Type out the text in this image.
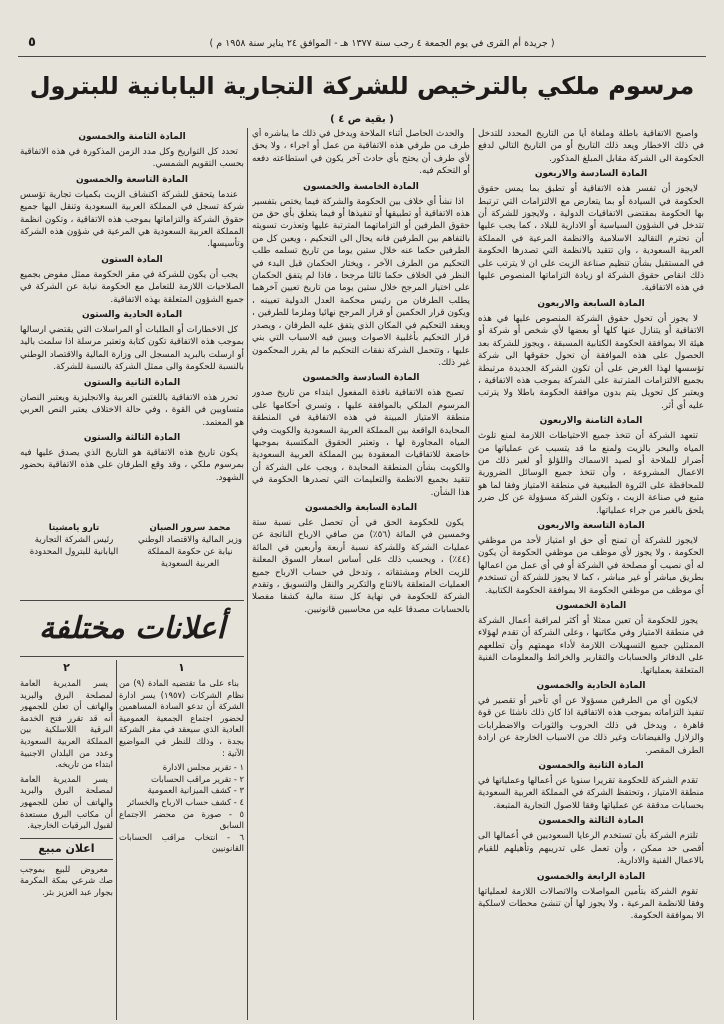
( جريدة أم القرى في يوم الجمعة ٤ رجب سنة ١٣٧٧ هـ - الموافق ٢٤ يناير سنة ١٩٥٨ م )
٥
مرسوم ملكي بالترخيص للشركة التجارية اليابانية للبترول
( بقية ص ٤ )

واصبح الاتفاقية باطلة وملغاة أيا من التاريخ المحدد للتدخل في ذلك الاخطار ويعد ذلك التاريخ أو من التاريخ التالي لدفع الحكومة الى الشركة مقابل المبلغ المذكور.

المادة السادسة والاربعون

لايجوز أن تفسر هذه الاتفاقية أو تطبق بما يمس حقوق الحكومة في السيادة أو بما يتعارض مع الالتزامات التي ترتبط بها الحكومة بمقتضى الاتفاقيات الدولية ، ولايجوز للشركة أن تتدخل في الشؤون السياسية أو الادارية للبلاد ، كما يجب عليها أن تحترم التقاليد الاسلامية والانظمة المرعية في المملكة العربية السعودية ، وان تتقيد بالانظمة التي تصدرها الحكومة في المستقبل بشأن تنظيم صناعة الزيت على ان لا يترتب على ذلك انقاص حقوق الشركة او زيادة التزاماتها المنصوص عليها في هذه الاتفاقية.

المادة السابعة والاربعون

لا يجوز أن تحول حقوق الشركة المنصوص عليها في هذه الاتفاقية أو يتنازل عنها كلها أو بعضها لأي شخص أو شركة أو هيئة الا بموافقة الحكومة الكتابية المسبقة ، ويجوز للشركة بعد الحصول على هذه الموافقة أن تحول حقوقها الى شركة تؤسسها لهذا الغرض على أن تكون الشركة الجديدة مرتبطة بجميع الالتزامات المترتبة على الشركة بموجب هذه الاتفاقية ، ويعتبر كل تحويل يتم بدون موافقة الحكومة باطلا ولا يترتب عليه أي أثر.

المادة الثامنة والاربعون

تتعهد الشركة أن تتخذ جميع الاحتياطات اللازمة لمنع تلوث المياه والبحر بالزيت ولمنع ما قد يتسبب عن عملياتها من أضرار للملاحة أو لصيد الاسماك واللؤلؤ أو لغير ذلك من الاعمال المشروعة ، وأن تتخذ جميع الوسائل الضرورية للمحافظة على الثروة الطبيعية في منطقة الامتياز وفقا لما هو متبع في صناعة الزيت ، وتكون الشركة مسؤولة عن كل ضرر يلحق بالغير من جراء عملياتها.

المادة التاسعة والاربعون

لايجوز للشركة أن تمنح أي حق او امتياز لأحد من موظفي الحكومة ، ولا يجوز لأي موظف من موظفي الحكومة أن يكون له أي نصيب أو مصلحة في الشركة أو في أي عمل من اعمالها بطريق مباشر أو غير مباشر ، كما لا يجوز للشركة أن تستخدم أي موظف من موظفي الحكومة الا بموافقة الحكومة الكتابية.

المادة الخمسون

يجوز للحكومة أن تعين ممثلا أو أكثر لمراقبة أعمال الشركة في منطقة الامتياز وفي مكاتبها ، وعلى الشركة أن تقدم لهؤلاء الممثلين جميع التسهيلات اللازمة لأداء مهمتهم وأن تطلعهم على الدفاتر والحسابات والتقارير والخرائط والمعلومات الفنية المتعلقة بعملياتها.

المادة الحادية والخمسون

لايكون أي من الطرفين مسؤولا عن أي تأخير أو تقصير في تنفيذ التزاماته بموجب هذه الاتفاقية اذا كان ذلك ناشئا عن قوة قاهرة ، ويدخل في ذلك الحروب والثورات والاضطرابات والزلازل والفيضانات وغير ذلك من الاسباب الخارجة عن ارادة الطرف المقصر.

المادة الثانية والخمسون

تقدم الشركة للحكومة تقريرا سنويا عن أعمالها وعملياتها في منطقة الامتياز ، وتحتفظ الشركة في المملكة العربية السعودية بحسابات مدققة عن عملياتها وفقا للاصول التجارية المتبعة.

المادة الثالثة والخمسون

تلتزم الشركة بأن تستخدم الرعايا السعوديين في أعمالها الى أقصى حد ممكن ، وأن تعمل على تدريبهم وتأهيلهم للقيام بالاعمال الفنية والادارية.

المادة الرابعة والخمسون

تقوم الشركة بتأمين المواصلات والاتصالات اللازمة لعملياتها وفقا للانظمة المرعية ، ولا يجوز لها أن تنشئ محطات لاسلكية الا بموافقة الحكومة.

والحدث الحاصل أثناء الملاحة ويدخل في ذلك ما يباشره أي طرف من طرفي هذه الاتفاقية من عمل أو اجراء ، ولا يحق لأي طرف أن يحتج بأي حادث آخر يكون في استطاعته دفعه أو التحكم فيه.

المادة الخامسة والخمسون

اذا نشأ أي خلاف بين الحكومة والشركة فيما يختص بتفسير هذه الاتفاقية أو تطبيقها أو تنفيذها أو فيما يتعلق بأي حق من حقوق الطرفين أو التزاماتهما المترتبة عليها وتعذرت تسويته بالتفاهم بين الطرفين فانه يحال الى التحكيم ، ويعين كل من الطرفين حكما عنه خلال ستين يوما من تاريخ تسلمه طلب التحكيم من الطرف الآخر ، ويختار الحكمان قبل البدء في النظر في الخلاف حكما ثالثا مرجحا ، فاذا لم يتفق الحكمان على اختيار المرجح خلال ستين يوما من تاريخ تعيين آخرهما يطلب الطرفان من رئيس محكمة العدل الدولية تعيينه ، ويكون قرار الحكمين أو قرار المرجح نهائيا وملزما للطرفين ، ويعقد التحكيم في المكان الذي يتفق عليه الطرفان ، ويصدر قرار التحكيم بأغلبية الاصوات ويبين فيه الاسباب التي بني عليها ، وتتحمل الشركة نفقات التحكيم ما لم يقرر المحكمون غير ذلك.

المادة السادسة والخمسون

تصبح هذه الاتفاقية نافذة المفعول ابتداء من تاريخ صدور المرسوم الملكي بالموافقة عليها ، وتسري أحكامها على منطقة الامتياز المبينة في هذه الاتفاقية في المنطقة المحايدة الواقعة بين المملكة العربية السعودية والكويت وفي المياه المجاورة لها ، وتعتبر الحقوق المكتسبة بموجبها خاضعة للاتفاقيات المعقودة بين المملكة العربية السعودية والكويت بشأن المنطقة المحايدة ، ويجب على الشركة أن تتقيد بجميع الانظمة والتعليمات التي تصدرها الحكومة في هذا الشأن.

المادة السابعة والخمسون

يكون للحكومة الحق في أن تحصل على نسبة ستة وخمسين في المائة (٥٦٪) من صافي الارباح الناتجة عن عمليات الشركة وللشركة نسبة أربعة وأربعين في المائة (٤٤٪) ، ويحسب ذلك على أساس اسعار السوق المعلنة للزيت الخام ومشتقاته ، وتدخل في حساب الارباح جميع العمليات المتعلقة بالانتاج والتكرير والنقل والتسويق ، وتقدم الشركة للحكومة في نهاية كل سنة مالية كشفا مفصلا بالحسابات مصدقا عليه من محاسبين قانونيين.

المادة الثامنة والخمسون

تحدد كل التواريخ وكل مدد الزمن المذكورة في هذه الاتفاقية بحسب التقويم الشمسي.

المادة التاسعة والخمسون

عندما يتحقق للشركة اكتشاف الزيت بكميات تجارية تؤسس شركة تسجل في المملكة العربية السعودية وتنقل اليها جميع حقوق الشركة والتزاماتها بموجب هذه الاتفاقية ، وتكون انظمة المملكة العربية السعودية هي المرعية في شؤون هذه الشركة وتأسيسها.

المادة الستون

يجب أن يكون للشركة في مقر الحكومة ممثل مفوض بجميع الصلاحيات اللازمة للتعامل مع الحكومة نيابة عن الشركة في جميع الشؤون المتعلقة بهذه الاتفاقية.

المادة الحادية والستون

كل الاخطارات أو الطلبات أو المراسلات التي يقتضي ارسالها بموجب هذه الاتفاقية تكون كتابة وتعتبر مرسلة اذا سلمت باليد أو ارسلت بالبريد المسجل الى وزارة المالية والاقتصاد الوطني بالنسبة للحكومة والى ممثل الشركة بالنسبة للشركة.

المادة الثانية والستون

تحرر هذه الاتفاقية باللغتين العربية والانجليزية ويعتبر النصان متساويين في القوة ، وفي حالة الاختلاف يعتبر النص العربي هو المعتمد.

المادة الثالثة والستون

يكون تاريخ هذه الاتفاقية هو التاريخ الذي يصدق عليها فيه بمرسوم ملكي ، وقد وقع الطرفان على هذه الاتفاقية بحضور الشهود.

محمد سرور الصبان
وزير المالية والاقتصاد الوطني
نيابة عن حكومة المملكة العربية السعودية
تارو يامشيتا
رئيس الشركة التجارية
اليابانية للبترول المحدودة
أعلانات مختلفة
١

بناء على ما تقتضيه المادة (٩) من نظام الشركات (١٩٥٧) يسر ادارة الشركة أن تدعو السادة المساهمين لحضور اجتماع الجمعية العمومية العادية الذي سيعقد في مقر الشركة بجدة ، وذلك للنظر في المواضيع الآتية :

١ - تقرير مجلس الادارة

٢ - تقرير مراقب الحسابات

٣ - كشف الميزانية العمومية

٤ - كشف حساب الارباح والخسائر

٥ - صورة من محضر الاجتماع السابق

٦ - انتخاب مراقب الحسابات القانونيين

٢

يسر المديرية العامة لمصلحة البرق والبريد والهاتف أن تعلن للجمهور أنه قد تقرر فتح الخدمة البرقية اللاسلكية بين المملكة العربية السعودية وعدد من البلدان الاجنبية ابتداء من تاريخه.

يسر المديرية العامة لمصلحة البرق والبريد والهاتف أن تعلن للجمهور أن مكاتب البرق مستعدة لقبول البرقيات الخارجية.

اعلان مبيع

معروض للبيع بموجب صك شرعي بمكة المكرمة بجوار عبد العزيز بئر.
